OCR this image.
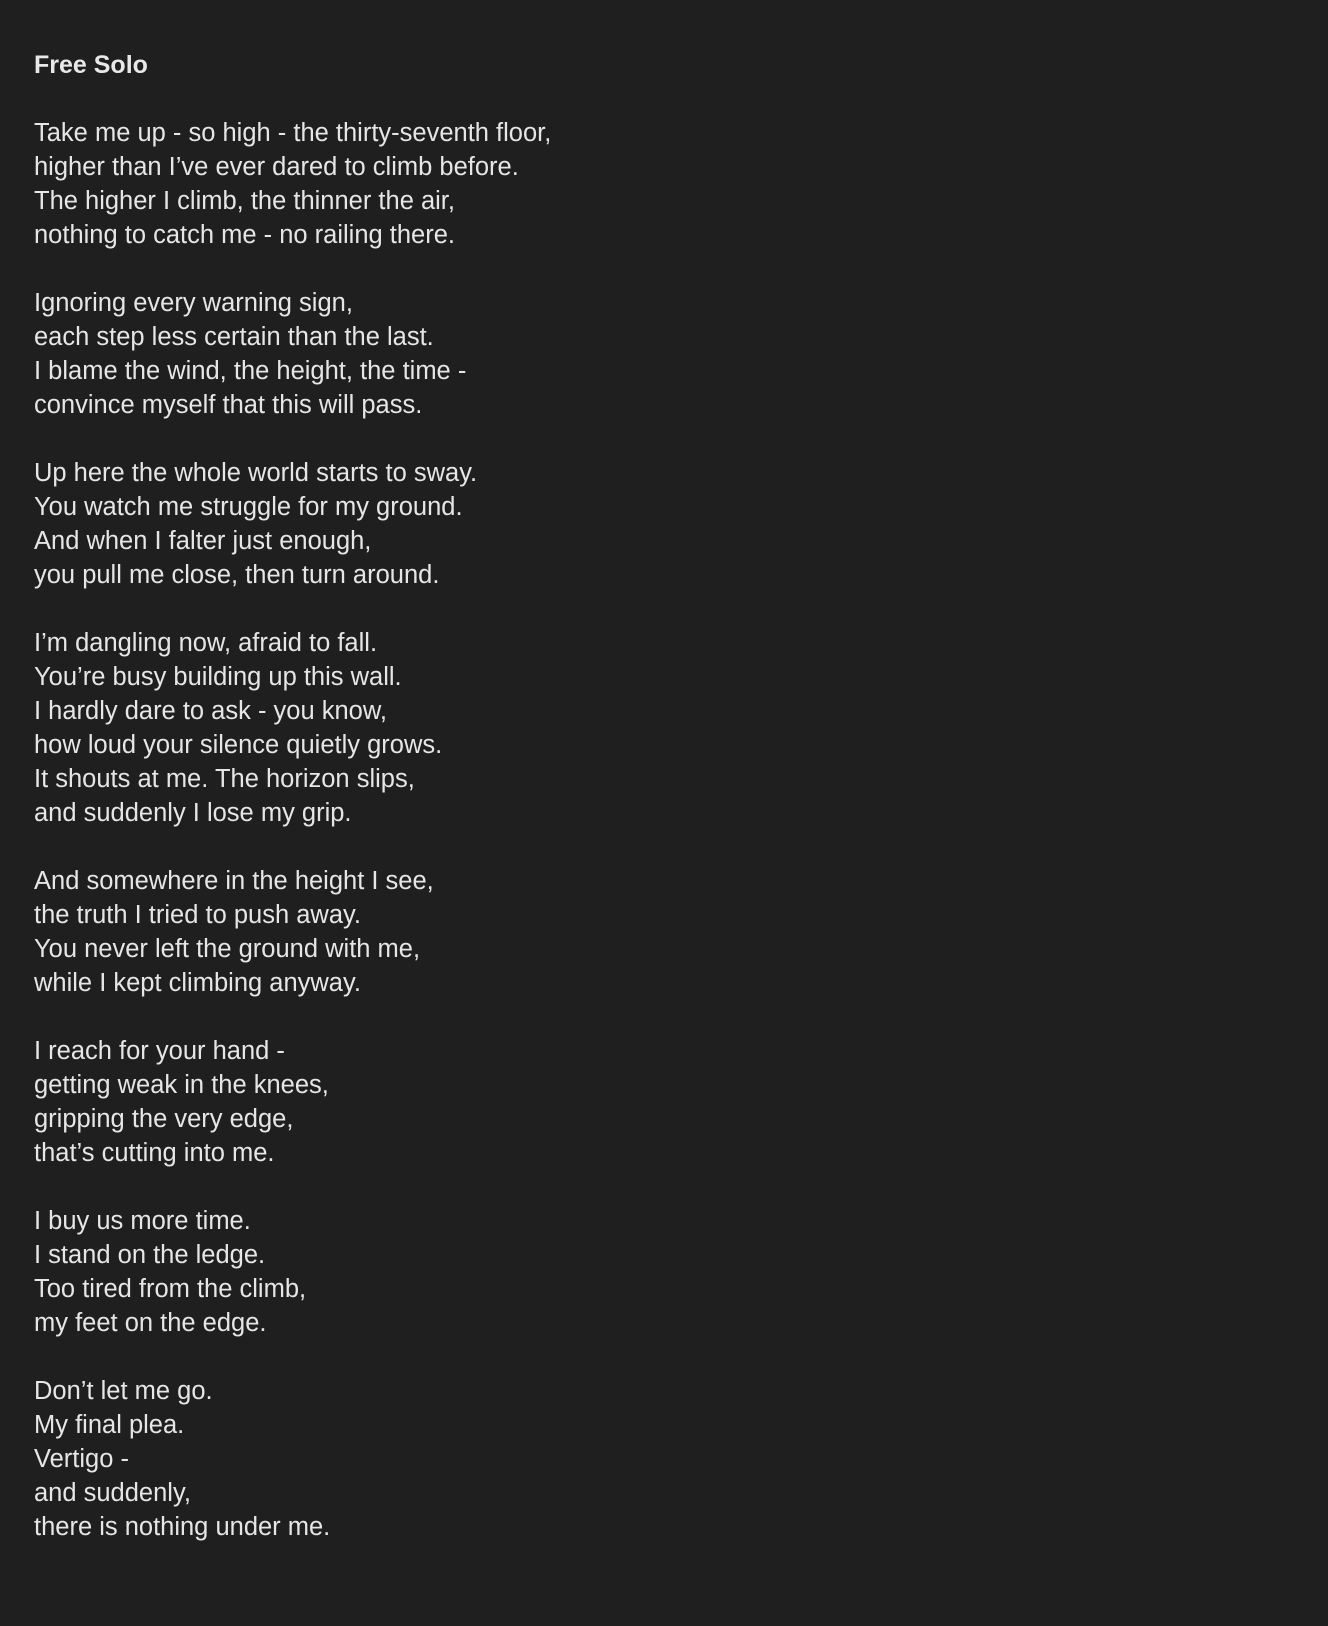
Free Solo
Take me up - so high - the thirty-seventh floor,
higher than I’ve ever dared to climb before.
The higher I climb, the thinner the air,
nothing to catch me - no railing there.
Ignoring every warning sign,
each step less certain than the last.
I blame the wind, the height, the time -
convince myself that this will pass.
Up here the whole world starts to sway.
You watch me struggle for my ground.
And when I falter just enough,
you pull me close, then turn around.
I’m dangling now, afraid to fall.
You’re busy building up this wall.
I hardly dare to ask - you know,
how loud your silence quietly grows.
It shouts at me. The horizon slips,
and suddenly I lose my grip.
And somewhere in the height I see,
the truth I tried to push away.
You never left the ground with me,
while I kept climbing anyway.
I reach for your hand -
getting weak in the knees,
gripping the very edge,
that’s cutting into me.
I buy us more time.
I stand on the ledge.
Too tired from the climb,
my feet on the edge.
Don’t let me go.
My final plea.
Vertigo -
and suddenly,
there is nothing under me.
